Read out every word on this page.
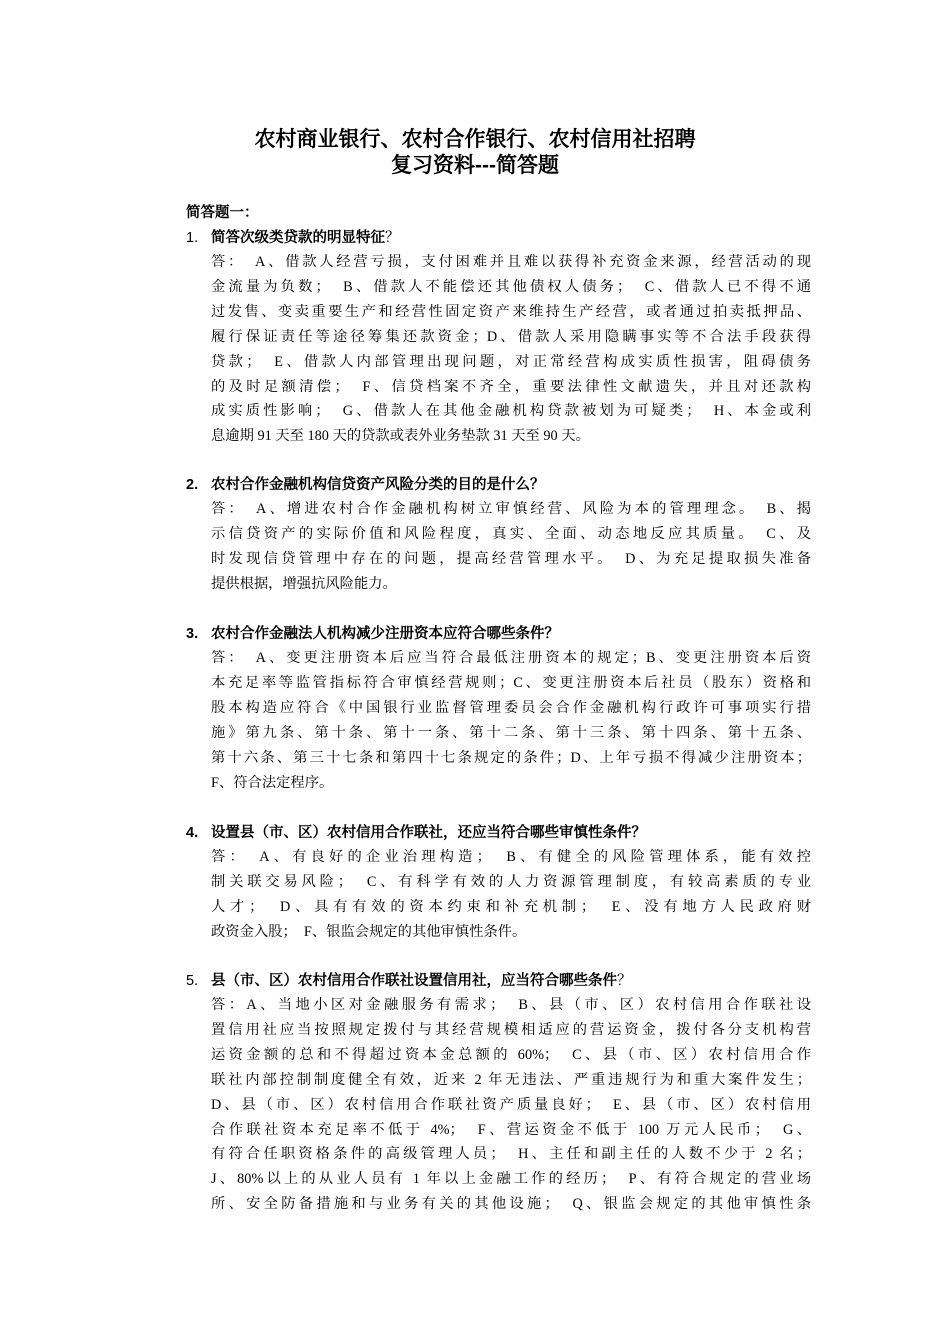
农村商业银行、农村合作银行、农村信用社招聘
复习资料---简答题
简答题一：
1. 简答次级类贷款的明显特征？
答：　A、借款人经营亏损，支付困难并且难以获得补充资金来源，经营活动的现
金流量为负数；　B、借款人不能偿还其他债权人债务；　C、借款人已不得不通
过发售、变卖重要生产和经营性固定资产来维持生产经营，或者通过拍卖抵押品、
履行保证责任等途径筹集还款资金；D、借款人采用隐瞒事实等不合法手段获得
贷款；　E、借款人内部管理出现问题，对正常经营构成实质性损害，阻碍债务
的及时足额清偿；　F、信贷档案不齐全，重要法律性文献遗失，并且对还款构
成实质性影响；　G、借款人在其他金融机构贷款被划为可疑类；　H、本金或利
息逾期 91 天至 180 天的贷款或表外业务垫款 31 天至 90 天。
2. 农村合作金融机构信贷资产风险分类的目的是什么？
答：　A、增进农村合作金融机构树立审慎经营、风险为本的管理理念。　B、揭
示信贷资产的实际价值和风险程度，真实、全面、动态地反应其质量。　C、及
时发现信贷管理中存在的问题，提高经营管理水平。　D、为充足提取损失准备
提供根据，增强抗风险能力。
3. 农村合作金融法人机构减少注册资本应符合哪些条件？
答：　A、变更注册资本后应当符合最低注册资本的规定；B、变更注册资本后资
本充足率等监管指标符合审慎经营规则；C、变更注册资本后社员（股东）资格和
股本构造应符合《中国银行业监督管理委员会合作金融机构行政许可事项实行措
施》第九条、第十条、第十一条、第十二条、第十三条、第十四条、第十五条、
第十六条、第三十七条和第四十七条规定的条件；D、上年亏损不得减少注册资本；
F、符合法定程序。
4. 设置县（市、区）农村信用合作联社，还应当符合哪些审慎性条件？
答：　A、有良好的企业治理构造；　B、有健全的风险管理体系，能有效控
制关联交易风险；　C、有科学有效的人力资源管理制度，有较高素质的专业
人才；　D、具有有效的资本约束和补充机制；　E、没有地方人民政府财
政资金入股；　F、银监会规定的其他审慎性条件。
5. 县（市、区）农村信用合作联社设置信用社，应当符合哪些条件？
答：A、当地小区对金融服务有需求；　B、县（市、区）农村信用合作联社设
置信用社应当按照规定拨付与其经营规模相适应的营运资金，拨付各分支机构营
运资金额的总和不得超过资本金总额的 60%；　C、县（市、区）农村信用合作
联社内部控制制度健全有效，近来 2 年无违法、严重违规行为和重大案件发生；
D、县（市、区）农村信用合作联社资产质量良好；　E、县（市、区）农村信用
合作联社资本充足率不低于 4%；　F、营运资金不低于 100 万元人民币；　G、
有符合任职资格条件的高级管理人员；　H、主任和副主任的人数不少于 2 名；
J、80%以上的从业人员有 1 年以上金融工作的经历；　P、有符合规定的营业场
所、安全防备措施和与业务有关的其他设施；　Q、银监会规定的其他审慎性条
